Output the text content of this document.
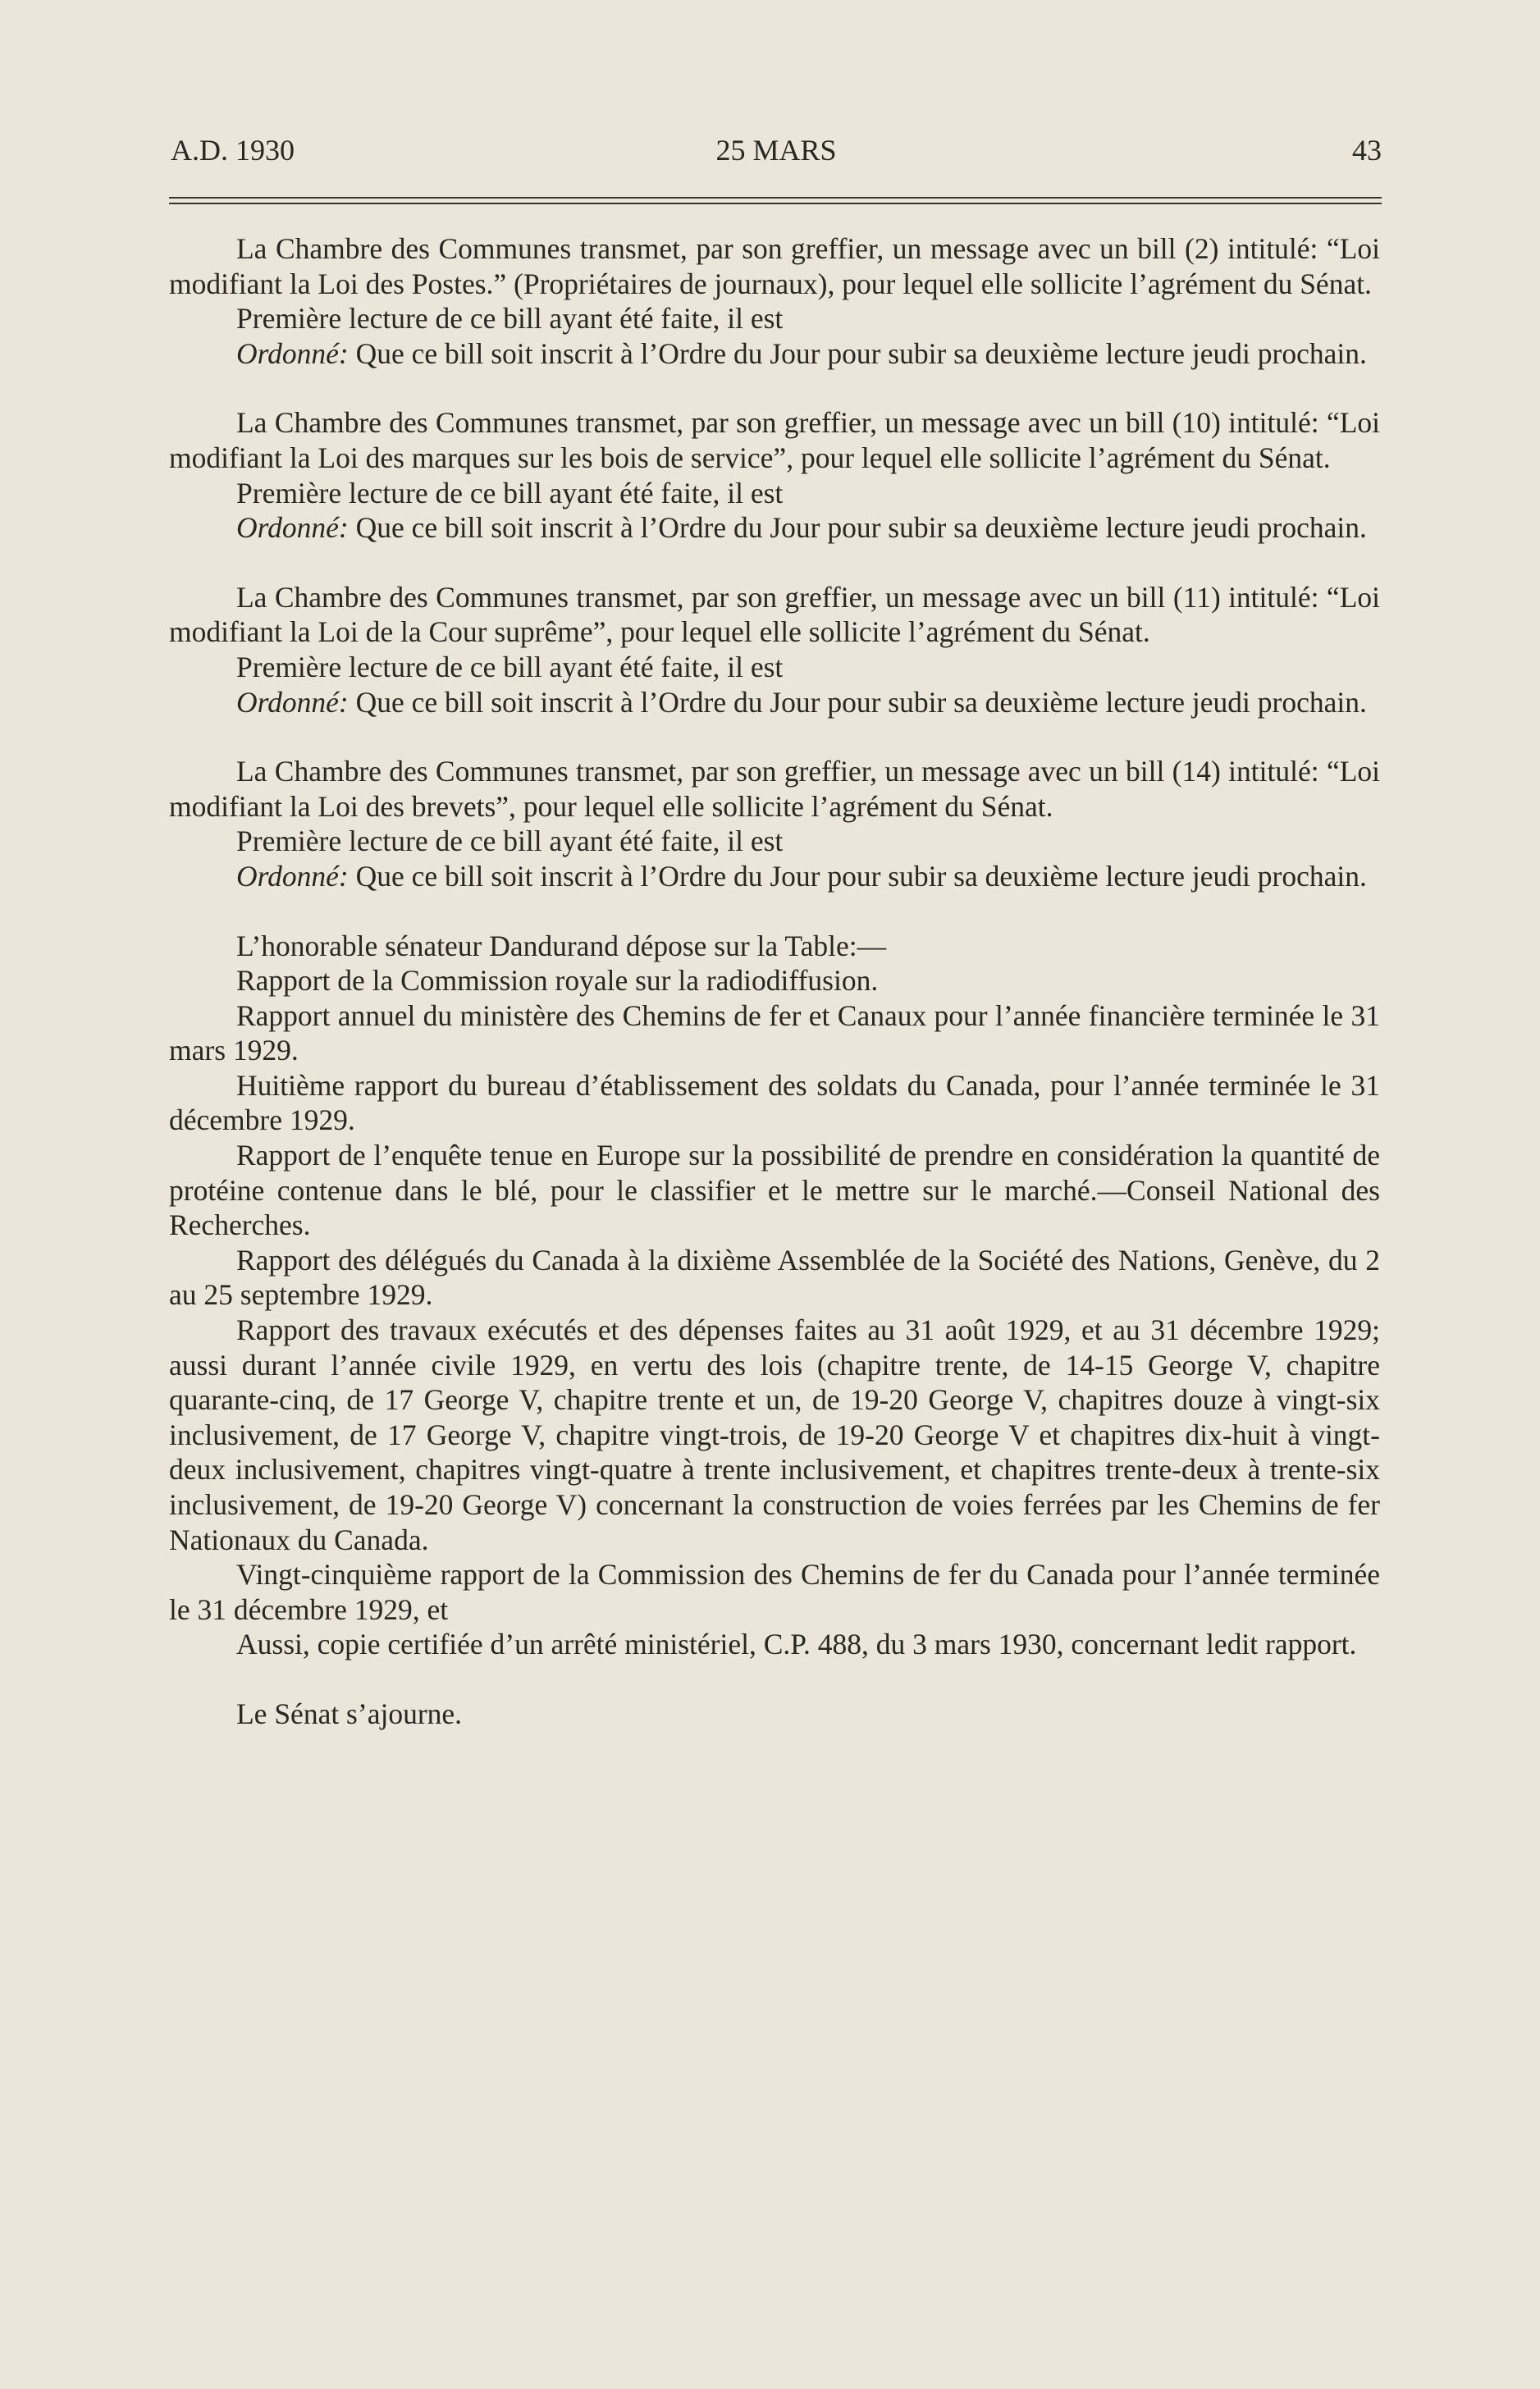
A.D. 1930	25 MARS	43

La Chambre des Communes transmet, par son greffier, un message avec un bill (2) intitulé: “Loi modifiant la Loi des Postes.” (Propriétaires de journaux), pour lequel elle sollicite l’agrément du Sénat.

Première lecture de ce bill ayant été faite, il est

Ordonné: Que ce bill soit inscrit à l’Ordre du Jour pour subir sa deuxième lecture jeudi prochain.

La Chambre des Communes transmet, par son greffier, un message avec un bill (10) intitulé: “Loi modifiant la Loi des marques sur les bois de service”, pour lequel elle sollicite l’agrément du Sénat.

Première lecture de ce bill ayant été faite, il est

Ordonné: Que ce bill soit inscrit à l’Ordre du Jour pour subir sa deuxième lecture jeudi prochain.

La Chambre des Communes transmet, par son greffier, un message avec un bill (11) intitulé: “Loi modifiant la Loi de la Cour suprême”, pour lequel elle sollicite l’agrément du Sénat.

Première lecture de ce bill ayant été faite, il est

Ordonné: Que ce bill soit inscrit à l’Ordre du Jour pour subir sa deuxième lecture jeudi prochain.

La Chambre des Communes transmet, par son greffier, un message avec un bill (14) intitulé: “Loi modifiant la Loi des brevets”, pour lequel elle sollicite l’agrément du Sénat.

Première lecture de ce bill ayant été faite, il est

Ordonné: Que ce bill soit inscrit à l’Ordre du Jour pour subir sa deuxième lecture jeudi prochain.

L’honorable sénateur Dandurand dépose sur la Table:—

Rapport de la Commission royale sur la radiodiffusion.

Rapport annuel du ministère des Chemins de fer et Canaux pour l’année financière terminée le 31 mars 1929.

Huitième rapport du bureau d’établissement des soldats du Canada, pour l’année terminée le 31 décembre 1929.

Rapport de l’enquête tenue en Europe sur la possibilité de prendre en considération la quantité de protéine contenue dans le blé, pour le classifier et le mettre sur le marché.—Conseil National des Recherches.

Rapport des délégués du Canada à la dixième Assemblée de la Société des Nations, Genève, du 2 au 25 septembre 1929.

Rapport des travaux exécutés et des dépenses faites au 31 août 1929, et au 31 décembre 1929; aussi durant l’année civile 1929, en vertu des lois (chapitre trente, de 14-15 George V, chapitre quarante-cinq, de 17 George V, chapitre trente et un, de 19-20 George V, chapitres douze à vingt-six inclusivement, de 17 George V, chapitre vingt-trois, de 19-20 George V et chapitres dix-huit à vingt-deux inclusivement, chapitres vingt-quatre à trente inclusivement, et chapitres trente-deux à trente-six inclusivement, de 19-20 George V) concernant la construction de voies ferrées par les Chemins de fer Nationaux du Canada.

Vingt-cinquième rapport de la Commission des Chemins de fer du Canada pour l’année terminée le 31 décembre 1929, et

Aussi, copie certifiée d’un arrêté ministériel, C.P. 488, du 3 mars 1930, concernant ledit rapport.

Le Sénat s’ajourne.
